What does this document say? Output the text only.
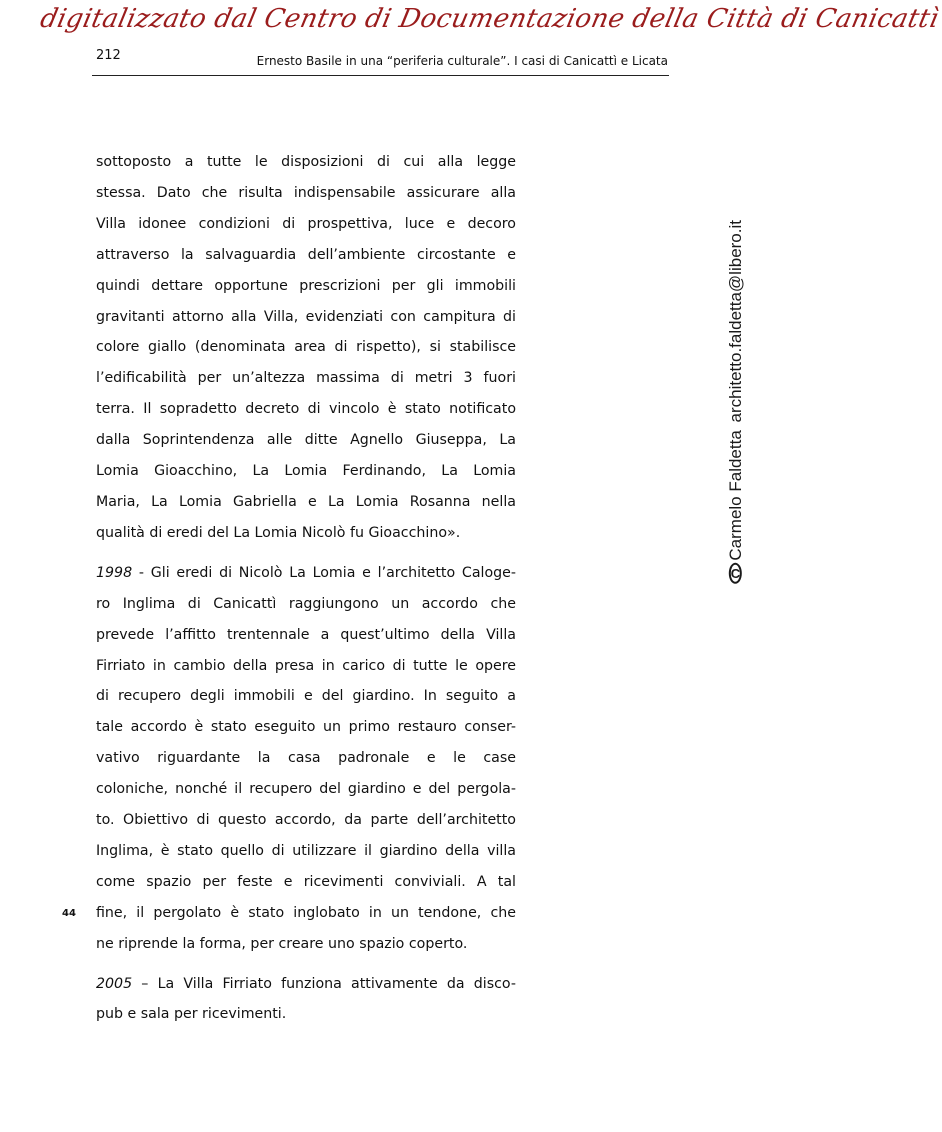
digitalizzato dal Centro di Documentazione della Città di Canicattì
212	Ernesto Basile in una “periferia culturale”. I casi di Canicattì e Licata

sottoposto a tutte le disposizioni di cui alla legge
stessa. Dato che risulta indispensabile assicurare alla
Villa idonee condizioni di prospettiva, luce e decoro
attraverso la salvaguardia dell’ambiente circostante e
quindi dettare opportune prescrizioni per gli immobili
gravitanti attorno alla Villa, evidenziati con campitura di
colore giallo (denominata area di rispetto), si stabilisce
l’edificabilità per un’altezza massima di metri 3 fuori
terra. Il sopradetto decreto di vincolo è stato notificato
dalla Soprintendenza alle ditte Agnello Giuseppa, La
Lomia Gioacchino, La Lomia Ferdinando, La Lomia
Maria, La Lomia Gabriella e La Lomia Rosanna nella
qualità di eredi del La Lomia Nicolò fu Gioacchino».

1998 - Gli eredi di Nicolò La Lomia e l’architetto Caloge-
ro Inglima di Canicattì raggiungono un accordo che
prevede l’affitto trentennale a quest’ultimo della Villa
Firriato in cambio della presa in carico di tutte le opere
di recupero degli immobili e del giardino. In seguito a
tale accordo è stato eseguito un primo restauro conser-
vativo riguardante la casa padronale e le case
coloniche, nonché il recupero del giardino e del pergola-
to. Obiettivo di questo accordo, da parte dell’architetto
Inglima, è stato quello di utilizzare il giardino della villa
come spazio per feste e ricevimenti conviviali. A tal
fine, il pergolato è stato inglobato in un tendone, che
ne riprende la forma, per creare uno spazio coperto.

2005 – La Villa Firriato funziona attivamente da disco-
pub e sala per ricevimenti.

44
C
Carmelo Faldetta
architetto.faldetta@libero.it
